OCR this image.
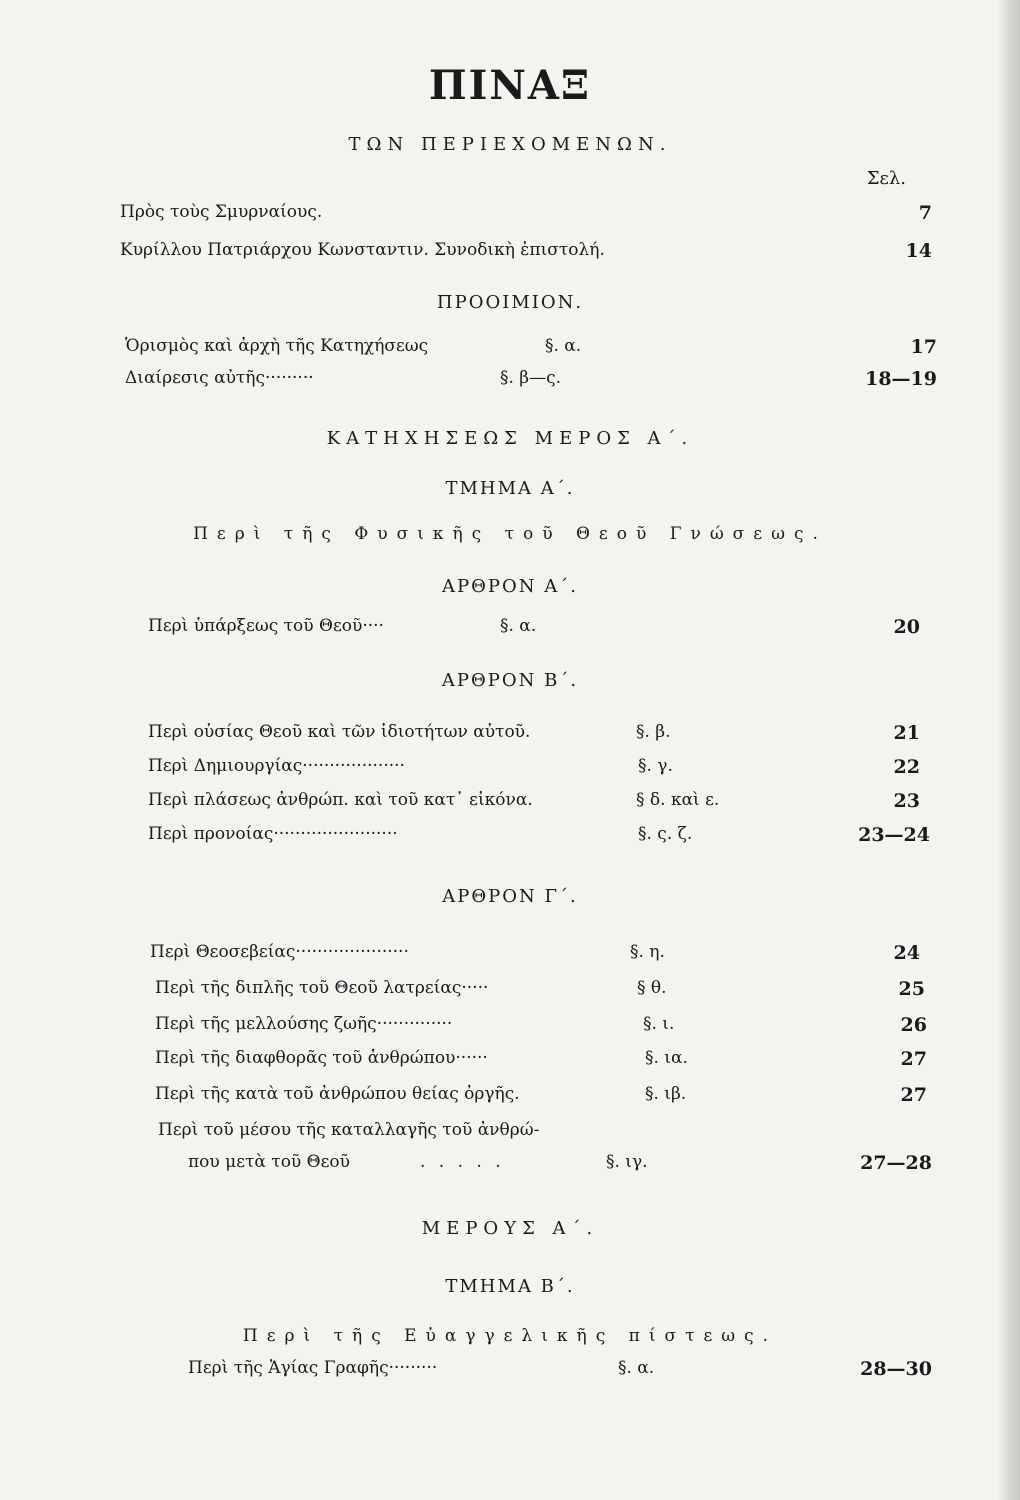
ΠΙΝΑΞ
ΤΩΝ ΠΕΡΙΕΧΟΜΕΝΩΝ.
Σελ.
Πρὸς τοὺς Σμυρναίους.	7
Κυρίλλου Πατριάρχου Κωνσταντιν. Συνοδικὴ ἐπιστολή.	14
ΠΡΟΟΙΜΙΟΝ.
Ὁρισμὸς καὶ ἀρχὴ τῆς Κατηχήσεως	§. α.	17
Διαίρεσις αὐτῆς·········	§. β—ς.	18—19
ΚΑΤΗΧΗΣΕΩΣ ΜΕΡΟΣ Α΄.
ΤΜΗΜΑ Α΄.
Περὶ τῆς Φυσικῆς τοῦ Θεοῦ Γνώσεως.
ΑΡΘΡΟΝ Α΄.
Περὶ ὑπάρξεως τοῦ Θεοῦ····	§. α.	20
ΑΡΘΡΟΝ Β΄.
Περὶ οὐσίας Θεοῦ καὶ τῶν ἰδιοτήτων αὐτοῦ.	§. β.	21
Περὶ Δημιουργίας···················	§. γ.	22
Περὶ πλάσεως ἀνθρώπ. καὶ τοῦ κατ᾽ εἰκόνα.	§ δ. καὶ ε.	23
Περὶ προνοίας·······················	§. ς. ζ.	23—24
ΑΡΘΡΟΝ Γ΄.
Περὶ Θεοσεβείας·····················	§. η.	24
Περὶ τῆς διπλῆς τοῦ Θεοῦ λατρείας·····	§ θ.	25
Περὶ τῆς μελλούσης ζωῆς··············	§. ι.	26
Περὶ τῆς διαφθορᾶς τοῦ ἀνθρώπου······	§. ια.	27
Περὶ τῆς κατὰ τοῦ ἀνθρώπου θείας ὀργῆς.	§. ιβ.	27
Περὶ τοῦ μέσου τῆς καταλλαγῆς τοῦ ἀνθρώ-
που μετὰ τοῦ Θεοῦ	. . . . .	§. ιγ.	27—28
ΜΕΡΟΥΣ Α΄.
ΤΜΗΜΑ Β΄.
Περὶ τῆς Εὐαγγελικῆς πίστεως.
Περὶ τῆς Ἁγίας Γραφῆς·········	§. α.	28—30
